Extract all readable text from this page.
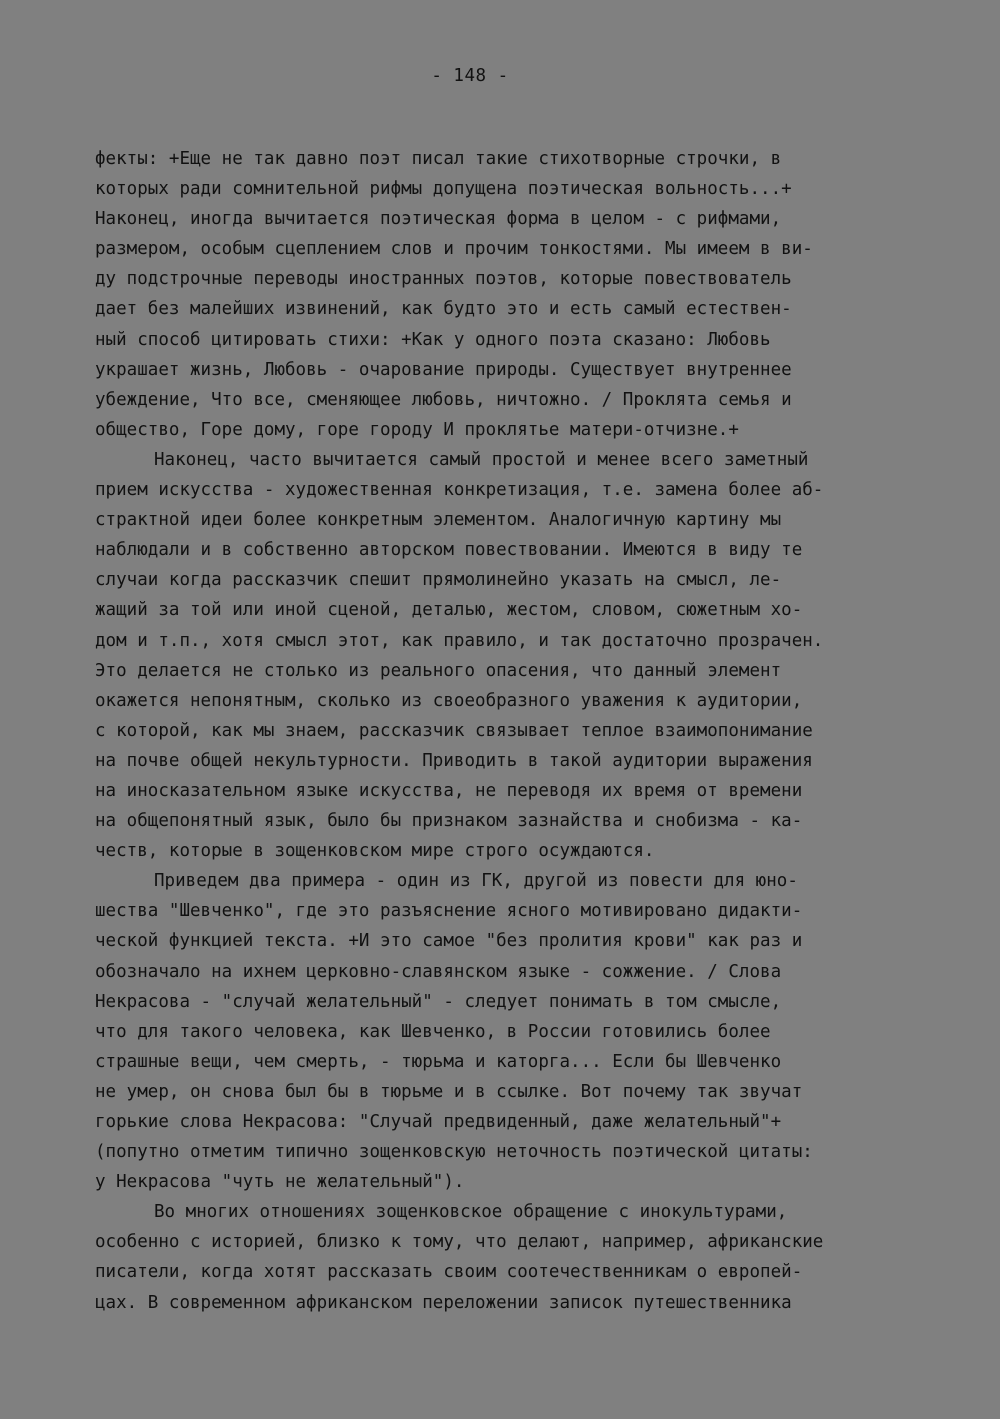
- 148 -
фекты: +Еще не так давно поэт писал такие стихотворные строчки, в
которых ради сомнительной рифмы допущена поэтическая вольность...+
Наконец, иногда вычитается поэтическая форма в целом - с рифмами,
размером, особым сцеплением слов и прочим тонкостями. Мы имеем в ви-
ду подстрочные переводы иностранных поэтов, которые повествователь
дает без малейших извинений, как будто это и есть самый естествен-
ный способ цитировать стихи: +Как у одного поэта сказано: Любовь
украшает жизнь, Любовь - очарование природы. Существует внутреннее
убеждение, Что все, сменяющее любовь, ничтожно. / Проклята семья и
общество, Горе дому, горе городу И проклятье матери-отчизне.+
Наконец, часто вычитается самый простой и менее всего заметный
прием искусства - художественная конкретизация, т.е. замена более аб-
страктной идеи более конкретным элементом. Аналогичную картину мы
наблюдали и в собственно авторском повествовании. Имеются в виду те
случаи когда рассказчик спешит прямолинейно указать на смысл, ле-
жащий за той или иной сценой, деталью, жестом, словом, сюжетным хо-
дом и т.п., хотя смысл этот, как правило, и так достаточно прозрачен.
Это делается не столько из реального опасения, что данный элемент
окажется непонятным, сколько из своеобразного уважения к аудитории,
с которой, как мы знаем, рассказчик связывает теплое взаимопонимание
на почве общей некультурности. Приводить в такой аудитории выражения
на иносказательном языке искусства, не переводя их время от времени
на общепонятный язык, было бы признаком зазнайства и снобизма - ка-
честв, которые в зощенковском мире строго осуждаются.
Приведем два примера - один из ГК, другой из повести для юно-
шества "Шевченко", где это разъяснение ясного мотивировано дидакти-
ческой функцией текста. +И это самое "без пролития крови" как раз и
обозначало на ихнем церковно-славянском языке - сожжение. / Слова
Некрасова - "случай желательный" - следует понимать в том смысле,
что для такого человека, как Шевченко, в России готовились более
страшные вещи, чем смерть, - тюрьма и каторга... Если бы Шевченко
не умер, он снова был бы в тюрьме и в ссылке. Вот почему так звучат
горькие слова Некрасова: "Случай предвиденный, даже желательный"+
(попутно отметим типично зощенковскую неточность поэтической цитаты:
у Некрасова "чуть не желательный").
Во многих отношениях зощенковское обращение с инокультурами,
особенно с историей, близко к тому, что делают, например, африканские
писатели, когда хотят рассказать своим соотечественникам о европей-
цах. В современном африканском переложении записок путешественника
